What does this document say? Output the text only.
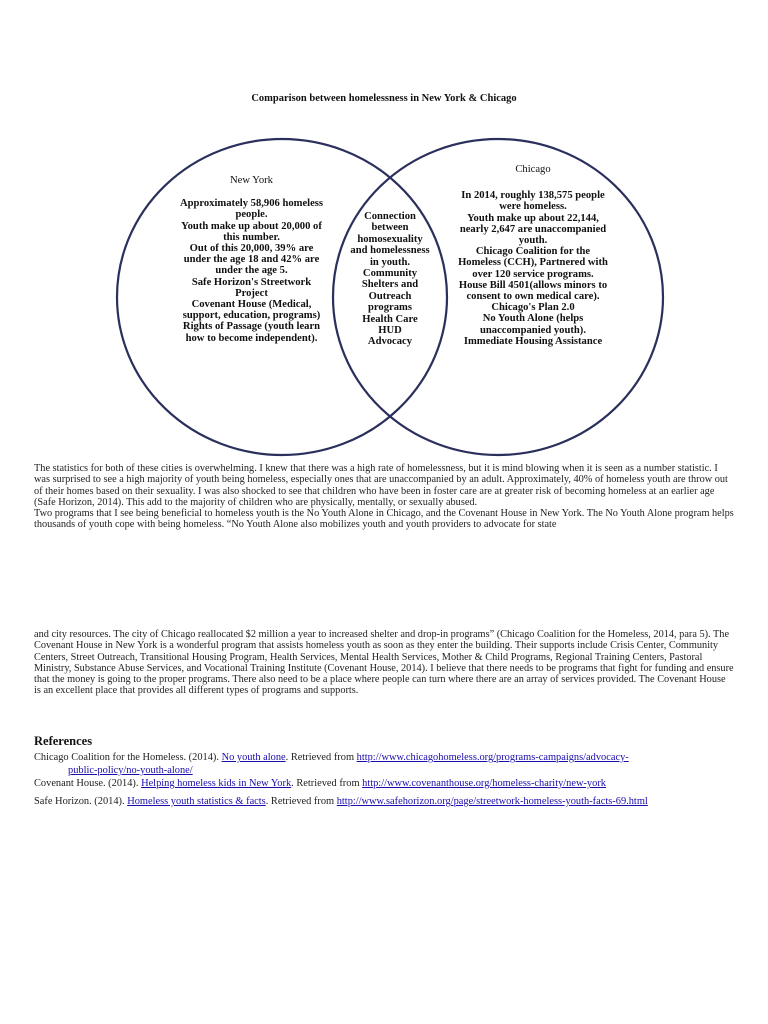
Comparison between homelessness in New York & Chicago
New York
Approximately 58,906 homeless
people.
Youth make up about 20,000 of
this number.
Out of this 20,000, 39% are
under the age 18 and 42% are
under the age 5.
Safe Horizon's Streetwork
Project
Covenant House (Medical,
support, education, programs)
Rights of Passage (youth learn
how to become independent).
Connection
between
homosexuality
and homelessness
in youth.
Community
Shelters and
Outreach
programs
Health Care
HUD
Advocacy
Chicago
In 2014, roughly 138,575 people
were homeless.
Youth make up about 22,144,
nearly 2,647 are unaccompanied
youth.
Chicago Coalition for the
Homeless (CCH), Partnered with
over 120 service programs.
House Bill 4501(allows minors to
consent to own medical care).
Chicago's Plan 2.0
No Youth Alone (helps
unaccompanied youth).
Immediate Housing Assistance

The statistics for both of these cities is overwhelming. I knew that there was a high rate of homelessness, but it is mind blowing when it is seen as a number statistic. I was surprised to see a high majority of youth being homeless, especially ones that are unaccompanied by an adult. Approximately, 40% of homeless youth are throw out of their homes based on their sexuality. I was also shocked to see that children who have been in foster care are at greater risk of becoming homeless at an earlier age (Safe Horizon, 2014). This add to the majority of children who are physically, mentally, or sexually abused.

Two programs that I see being beneficial to homeless youth is the No Youth Alone in Chicago, and the Covenant House in New York. The No Youth Alone program helps thousands of youth cope with being homeless. “No Youth Alone also mobilizes youth and youth providers to advocate for state

and city resources. The city of Chicago reallocated $2 million a year to increased shelter and drop-in programs” (Chicago Coalition for the Homeless, 2014, para 5). The Covenant House in New York is a wonderful program that assists homeless youth as soon as they enter the building. Their supports include Crisis Center, Community Centers, Street Outreach, Transitional Housing Program, Health Services, Mental Health Services, Mother & Child Programs, Regional Training Centers, Pastoral Ministry, Substance Abuse Services, and Vocational Training Institute (Covenant House, 2014). I believe that there needs to be programs that fight for funding and ensure that the money is going to the proper programs. There also need to be a place where people can turn where there are an array of services provided. The Covenant House is an excellent place that provides all different types of programs and supports.

References
Chicago Coalition for the Homeless. (2014). No youth alone. Retrieved from http://www.chicagohomeless.org/programs-campaigns/advocacy-
public-policy/no-youth-alone/
Covenant House. (2014). Helping homeless kids in New York. Retrieved from http://www.covenanthouse.org/homeless-charity/new-york
Safe Horizon. (2014). Homeless youth statistics & facts. Retrieved from http://www.safehorizon.org/page/streetwork-homeless-youth-facts-69.html
